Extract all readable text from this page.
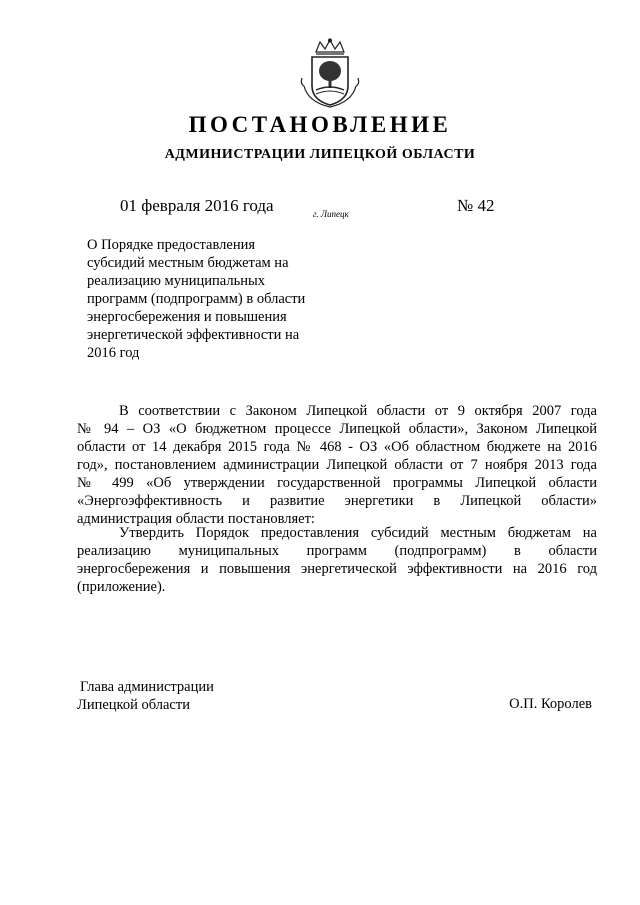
ПОСТАНОВЛЕНИЕ
АДМИНИСТРАЦИИ ЛИПЕЦКОЙ ОБЛАСТИ
01 февраля 2016 года	г. Липецк	№ 42
О Порядке предоставления
субсидий местным бюджетам на
реализацию муниципальных
программ (подпрограмм) в области
энергосбережения и повышения
энергетической эффективности на
2016 год
В соответствии с Законом Липецкой области от 9 октября 2007 года
№ 94 – ОЗ «О бюджетном процессе Липецкой области», Законом Липецкой
области от 14 декабря 2015 года № 468 - ОЗ «Об областном бюджете на 2016
год», постановлением администрации Липецкой области от 7 ноября 2013 года
№ 499 «Об утверждении государственной программы Липецкой области
«Энергоэффективность и развитие энергетики в Липецкой области»
администрация области постановляет:
Утвердить Порядок предоставления субсидий местным бюджетам на
реализацию муниципальных программ (подпрограмм) в области
энергосбережения и повышения энергетической эффективности на 2016 год
(приложение).
Глава администрации
Липецкой области	О.П. Королев
